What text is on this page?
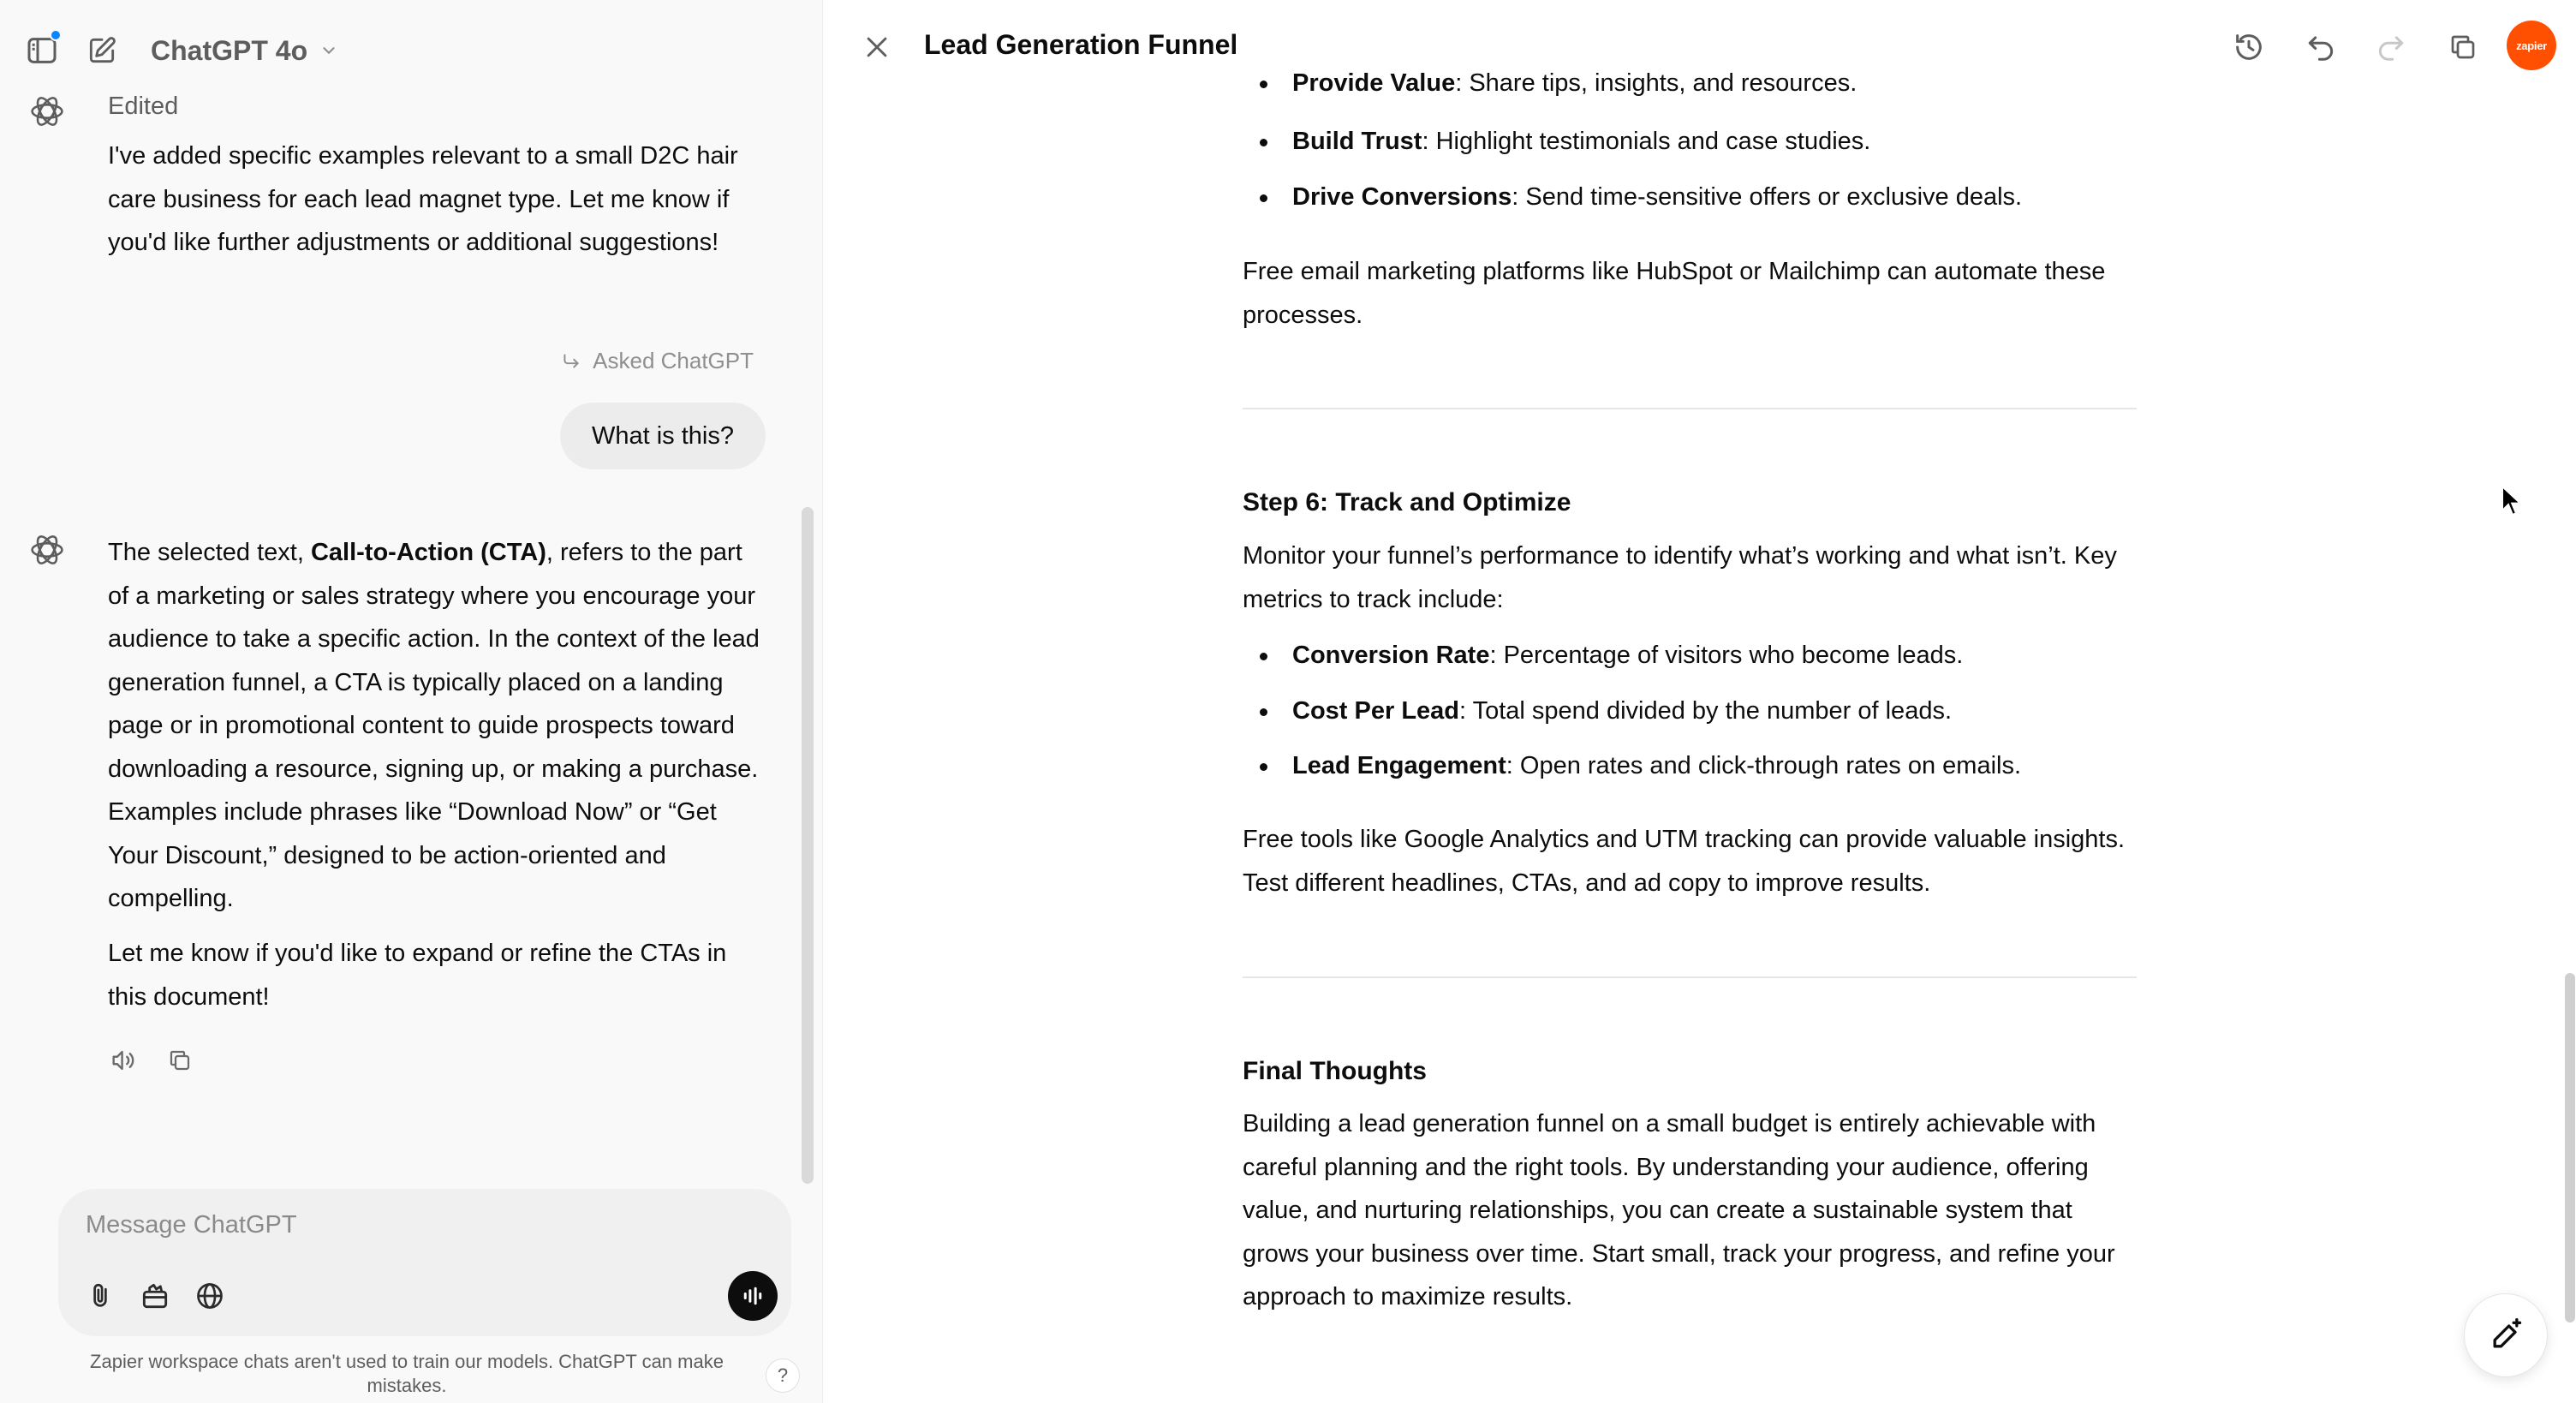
ChatGPT 4o
Edited
I've added specific examples relevant to a small D2C hair care business for each lead magnet type. Let me know if you'd like further adjustments or additional suggestions!
Asked ChatGPT
What is this?
The selected text, Call-to-Action (CTA), refers to the part of a marketing or sales strategy where you encourage your audience to take a specific action. In the context of the lead generation funnel, a CTA is typically placed on a landing page or in promotional content to guide prospects toward downloading a resource, signing up, or making a purchase. Examples include phrases like “Download Now” or “Get Your Discount,” designed to be action-oriented and compelling.
Let me know if you'd like to expand or refine the CTAs in this document!
Message ChatGPT
Zapier workspace chats aren't used to train our models. ChatGPT can make mistakes.	?
Lead Generation Funnel	zapier
Provide Value: Share tips, insights, and resources.
Build Trust: Highlight testimonials and case studies.
Drive Conversions: Send time-sensitive offers or exclusive deals.
Free email marketing platforms like HubSpot or Mailchimp can automate these processes.
Step 6: Track and Optimize
Monitor your funnel’s performance to identify what’s working and what isn’t. Key metrics to track include:
Conversion Rate: Percentage of visitors who become leads.
Cost Per Lead: Total spend divided by the number of leads.
Lead Engagement: Open rates and click-through rates on emails.
Free tools like Google Analytics and UTM tracking can provide valuable insights. Test different headlines, CTAs, and ad copy to improve results.
Final Thoughts
Building a lead generation funnel on a small budget is entirely achievable with careful planning and the right tools. By understanding your audience, offering value, and nurturing relationships, you can create a sustainable system that grows your business over time. Start small, track your progress, and refine your approach to maximize results.
